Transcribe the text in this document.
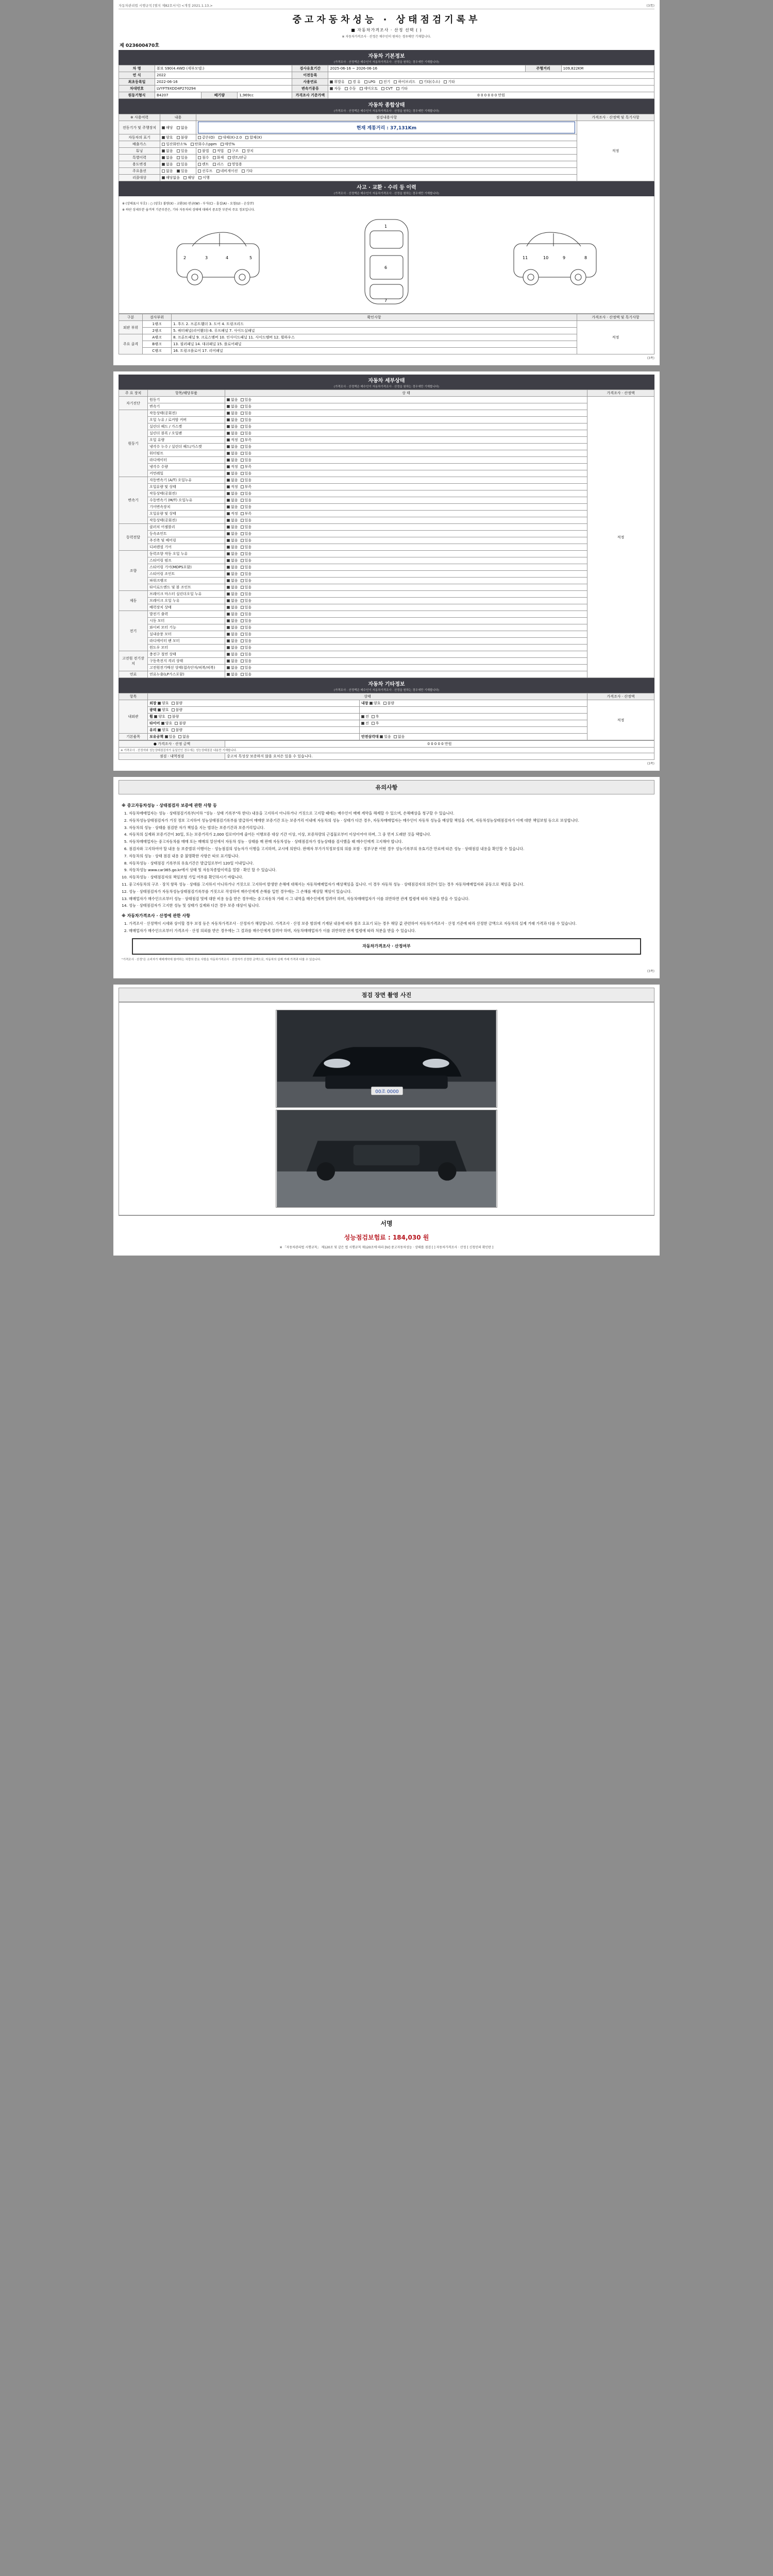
자동차관리법 시행규칙 [별지 제82호서식] <개정 2021.1.13.>	(3쪽)
중고자동차성능 · 상태점검기록부
■ 자동차가격조사 · 산정 선택 ( )
※ 자동차가격조사 · 산정은 매수인이 원하는 경우에만 기재합니다.
제 023600470호
자동차 기본정보
(가격조사 · 산정액은 매수인이 자동차가격조사 · 산정을 원하는 경우에만 기재합니다)
차 명	볼보 S90(4.4WD (세부모델:)			검사유효기간	2025-06-16 ~ 2026-06-16	주행거리	109,822KM
연 식	2022			이전등록			
최초등록일	2022-06-16			사용연료	휘발유 경 유 LPG 전기 하이브리드 기타(수소) 기타		
차대번호	LVYFT9XDD4P270294			변속기종류	자동 수동 세미오토 CVT 기타		
원동기형식	B4207	배기량	1,969cc	가격조사 기준가액	0 0 0 0 0 0 만원		
자동차 종합상태
(가격조사 · 산정액은 매수인이 자동차가격조사 · 산정을 원하는 경우에만 기재합니다)
※ 사용여력	내용	점검내용사항	가격조사 · 산정액 및 특기사항
전동기가 및 주행장치	해당 없음	현재 계통거리 : 37,131Km	적정
자동차의 표기	양호 불량	같은(O) 대체(X)-2.0 합체(X)	
배출가스	일산화탄소% 탄화수소ppm 매연%		
튜닝	없음 있음	불법 적법 구조 장치	
특별이력	없음 있음	침수 화재 덴트/판금	
용도변경	없음 있음	렌트 리스 영업용	
주요옵션	없음 있음	선루프 네비게이션 기타	
리콜대상	해당없음 해당 이행		
사고 · 교환 · 수리 등 이력
(가격조사 · 산정액은 매수인이 자동차가격조사 · 산정을 원하는 경우에만 기재합니다)
※ (상태표시 부호) : ○ (양호) 불량(X) - 교환(X) 판금(W) - 부식(C) - 흠집(A) - 요철(U) - 손상(T)
※ 하단 상세부분 숨겨져 기준부분은, 기타 자동차의 상태에 대해서 중요한 부분의 주요 정보입니다.
2	3	4	5
1
6
7
11	10	9	8
구분	검사부위	확인사항	가격조사 · 산정액 및 특기사항
외판 부위	1랭크	1. 후드 2. 프론트휀더 3. 도어 4. 트렁크리드	적정
	2랭크	5. 쿼터패널(리어휀더) 6. 루프패널 7. 사이드실패널	
주요 골격	A랭크	8. 프론트패널 9. 크로스멤버 10. 인사이드패널 11. 사이드멤버 12. 휠하우스	
	B랭크	13. 필러패널 14. 대쉬패널 15. 플로어패널	
	C랭크	16. 트렁크플로어 17. 리어패널	
(3쪽)
자동차 세부상태
(가격조사 · 산정액은 매수인이 자동차가격조사 · 산정을 원하는 경우에만 기재합니다)
주 요 장치	항목/해당부품	상 태	가격조사 · 산정액
자기진단	원동기	없음 있음	적정
	변속기	없음 있음	
원동기	작동상태(공회전)	없음 있음	
	오일 누유 / 로커암 커버	없음 있음	
	실린더 헤드 / 가스켓	없음 있음	
	실린더 블록 / 오일팬	없음 있음	
	오일 유량	적정 부족	
	냉각수 누수 / 실린더 헤드/가스켓	없음 있음	
	워터펌프	없음 있음	
	라디에이터	없음 있음	
	냉각수 수량	적정 부족	
	커먼레일	없음 있음	
변속기	자동변속기 (A/T) 오일누유	없음 있음	
	오일유량 및 상태	적정 부족	
	작동상태(공회전)	없음 있음	
	수동변속기 (M/T) 오일누유	없음 있음	
	기어변속장치	없음 있음	
	오일유량 및 상태	적정 부족	
	작동상태(공회전)	없음 있음	
동력전달	클러치 어셈블리	없음 있음	
	등속죠인트	없음 있음	
	추진축 및 베어링	없음 있음	
	디퍼렌셜 기어	없음 있음	
조향	동력조향 작동 오일 누유	없음 있음	
	스티어링 펌프	없음 있음	
	스티어링 기어(MDPS포함)	없음 있음	
	스티어링 조인트	없음 있음	
	파워크랭크	없음 있음	
	타이로드엔드 및 볼 조인트	없음 있음	
제동	브레이크 마스터 실린더오일 누유	없음 있음	
	브레이크 오일 누유	없음 있음	
	배력장치 상태	없음 있음	
전기	발전기 출력	없음 있음	
	시동 모터	없음 있음	
	와이퍼 모터 기능	없음 있음	
	실내송풍 모터	없음 있음	
	라디에이터 팬 모터	없음 있음	
	윈도우 모터	없음 있음	
고전원 전기장치	충전구 절연 상태	없음 있음	
	구동축전지 격리 상태	없음 있음	
	고전원전기배선 상태(접속단자/피복/피복)	없음 있음	
연료	연료누출(LP가스포함)	없음 있음	
자동차 기타정보
(가격조사 · 산정액은 매수인이 자동차가격조사 · 산정을 원하는 경우에만 기재합니다)
항목	상태		가격조사 · 산정액
내외관	외장 양호 불량	내장 양호 불량	적정
	광택 양호 불량		
	휠 양호 불량	전 후	
	타이어 양호 불량	전 후	
	유리 양호 불량		
기본품목	보유공책 있음 없음	안전삼각대 있음 없음	
● 가격조사 · 산정 금액	0 0 0 0 0 만원
※ 가격조사 · 산정자와 성능상태점검자가 동일인인 경우에는 성능상태점검 내용만 기재합니다.	
점검 · 내역정검	중고차 특성상 보증하지 않을 요처은 있을 수 있습니다.
(3쪽)
유의사항
※ 중고자동차성능 · 상태점검자 보증에 관한 사항 등
1. 자동차매매업자는 성능 · 상태점검기록부(이하 "성능 · 상태 기록부"라 한다) 내용을 고지하지 아니하거나 거짓으로 고지할 때에는 매수인이 매매 계약을 해제할 수 있으며, 손해배상을 청구할 수 있습니다.
2. 자동차성능상태점검자가 거짓 정보 고지하여 성능상태점검기록부를 발급하여 매매한 보증기간 또는 보증거리 이내에 자동차의 성능 · 상태가 다른 경우, 자동차매매업자는 매수인이 자동차 성능을 배상할 책임을 지며, 자동차성능상태점검자가 이에 대한 책임보험 등으로 보상합니다.
3. 자동차의 성능 · 상태를 점검한 자가 책임을 지는 범위는 보증기간과 보증거리입니다.
4. 자동차의 실제와 보증기간이 30일, 또는 보증거리가 2,000 킬로미터에 줄어든 이행보증 대상 기간 이상, 이상, 보증차량의 근접물로부터 이상이어야 하며, 그 중 먼저 도래한 것을 택합니다.
5. 자동차매매업자는 중고자동차를 매매 또는 매매의 알선에서 자동차 성능 · 상태를 매 판매 자동차성능 · 상태점검자가 성능상태를 검사했을 때 매수인에게 고지해야 합니다.
6. 점검자와 고지하여야 할 내용 등 보증범위 이행이는 · 성능점검의 성능자가 이행을 고지하며, 교시에 의한다. 판매자 부가가치정보성의 의를 포함 · 정부구분 어떤 경우 성능기록부의 유효기간 만료에 따른 성능 · 상태점검 내용을 확인할 수 있습니다.
7. 자동차의 성능 · 상태 점검 내용 중 불명확한 사항은 따로 표기합니다.
8. 자동차성능 · 상태점검 기록부의 유효기간은 발급일로부터 120일 이내입니다.
9. 자동차성능 www.car365.go.kr에서 상태 및 자동차종합이력을 열람 · 확인 할 수 있습니다.
10. 자동차성능 · 상태점검자의 책임보험 가입 여부를 확인하시기 바랍니다.
11. 중고자동차의 구조 · 장치 항목 성능 · 상태를 고지하지 아니하거나 거짓으로 고지하여 발생한 손해에 대해서는 자동차매매업자가 배상책임을 집니다. 이 경우 자동차 성능 · 상태점검자의 의견이 있는 경우 자동차매매업자와 공동으로 책임을 집니다.
12. 성능 · 상태점검자가 자동차성능상태점검기록부를 거짓으로 작성하여 매수인에게 손해를 입힌 경우에는 그 손해를 배상할 책임이 있습니다.
13. 매매업자가 매수인으로부터 성능 · 상태점검 및에 대한 비용 등을 받은 경우에는 중고자동차 거래 시 그 내역을 매수인에게 알려야 하며, 자동차매매업자가 이를 위반하면 관계 법령에 따라 처분을 받을 수 있습니다.
14. 성능 · 상태점검자가 고지한 성능 및 상태가 실제와 다른 경우 보증 대상이 됩니다.
※ 자동차가격조사 · 산정에 관한 사항
1. 가격조사 · 산정액이 시세와 상이할 경우 보정 등은 자동차가격조사 · 산정자가 해당합니다. 가격조사 · 산정 보증 범위에 기재된 내용에 따라 참조 요표기 되는 경우 해당 값 관련하여 자동차가격조사 · 산정 기준에 따라 산정한 금액으로 자동차의 실제 거래 가격과 다를 수 있습니다.
2. 매매업자가 매수인으로부터 가격조사 · 산정 의뢰를 받은 경우에는 그 결과를 매수인에게 알려야 하며, 자동차매매업자가 이를 위반하면 관계 법령에 따라 처분을 받을 수 있습니다.
자동차가격조사 · 산정여부

"가격조사 · 산정"은 소비자가 매매계약에 참여하는 차량의 중요 사항을 자동차가격조사 · 산정자가 산정한 금액으로, 자동차의 실제 거래 가격과 다를 수 있습니다.

(3쪽)
점검 장면 촬영 사진
00조 0000
서명
성능점검보험료 : 184,030 원
※ 「자동차관리법 시행규칙」 제120조 및 같은 법 시행규칙 제120조에 따라 [ⅠⅤ] 중고자동차성능 · 상태를 점검 [ ] 자동차가격조사 · 산정 [ 신청인의 확인란 ]
